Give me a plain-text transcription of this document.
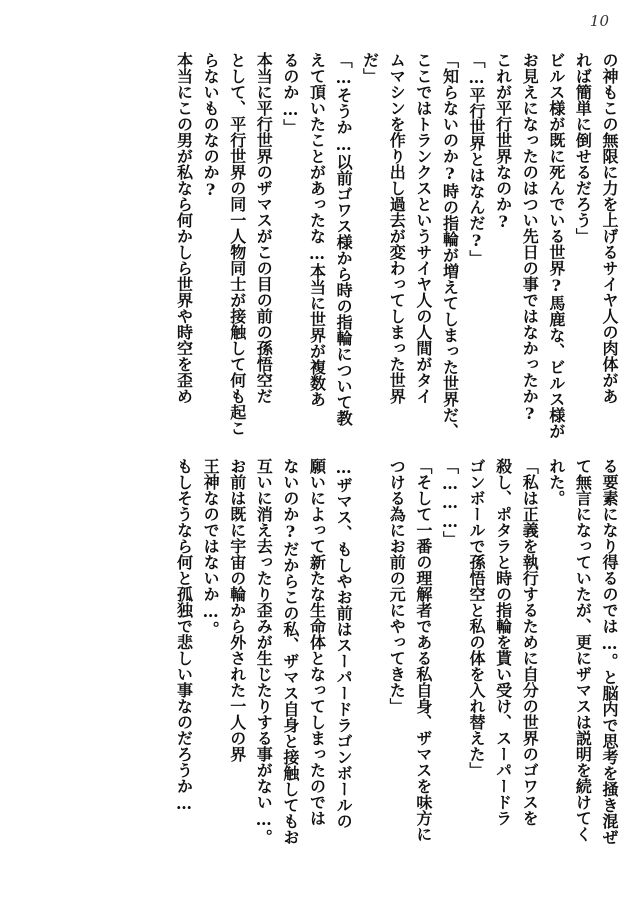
10
の神もこの無限に力を上げるサイヤ人の肉体があ
れば簡単に倒せるだろう」
ビルス様が既に死んでいる世界?馬鹿な、ビルス様が
お見えになったのはつい先日の事ではなかったか?
これが平行世界なのか?
「…平行世界とはなんだ?」
「知らないのか?時の指輪が増えてしまった世界だ、
ここではトランクスというサイヤ人の人間がタイ
ムマシンを作り出し過去が変わってしまった世界
だ」
「…そうか…以前ゴワス様から時の指輪について教
えて頂いたことがあったな…本当に世界が複数あ
るのか…」
本当に平行世界のザマスがこの目の前の孫悟空だ
として、平行世界の同一人物同士が接触して何も起こ
らないものなのか?
本当にこの男が私なら何かしら世界や時空を歪め
る要素になり得るのでは…。と脳内で思考を掻き混ぜ
て無言になっていたが、更にザマスは説明を続けてく
れた。
「私は正義を執行するために自分の世界のゴワスを
殺し、ポタラと時の指輪を貰い受け、スーパードラ
ゴンボールで孫悟空と私の体を入れ替えた」
「………」
「そして一番の理解者である私自身、ザマスを味方に
つける為にお前の元にやってきた」
…ザマス、もしやお前はスーパードラゴンボールの
願いによって新たな生命体となってしまったのでは
ないのか?だからこの私、ザマス自身と接触してもお
互いに消え去ったり歪みが生じたりする事がない…。
お前は既に宇宙の輪から外された一人の界
王神なのではないか…。
もしそうなら何と孤独で悲しい事なのだろうか…
